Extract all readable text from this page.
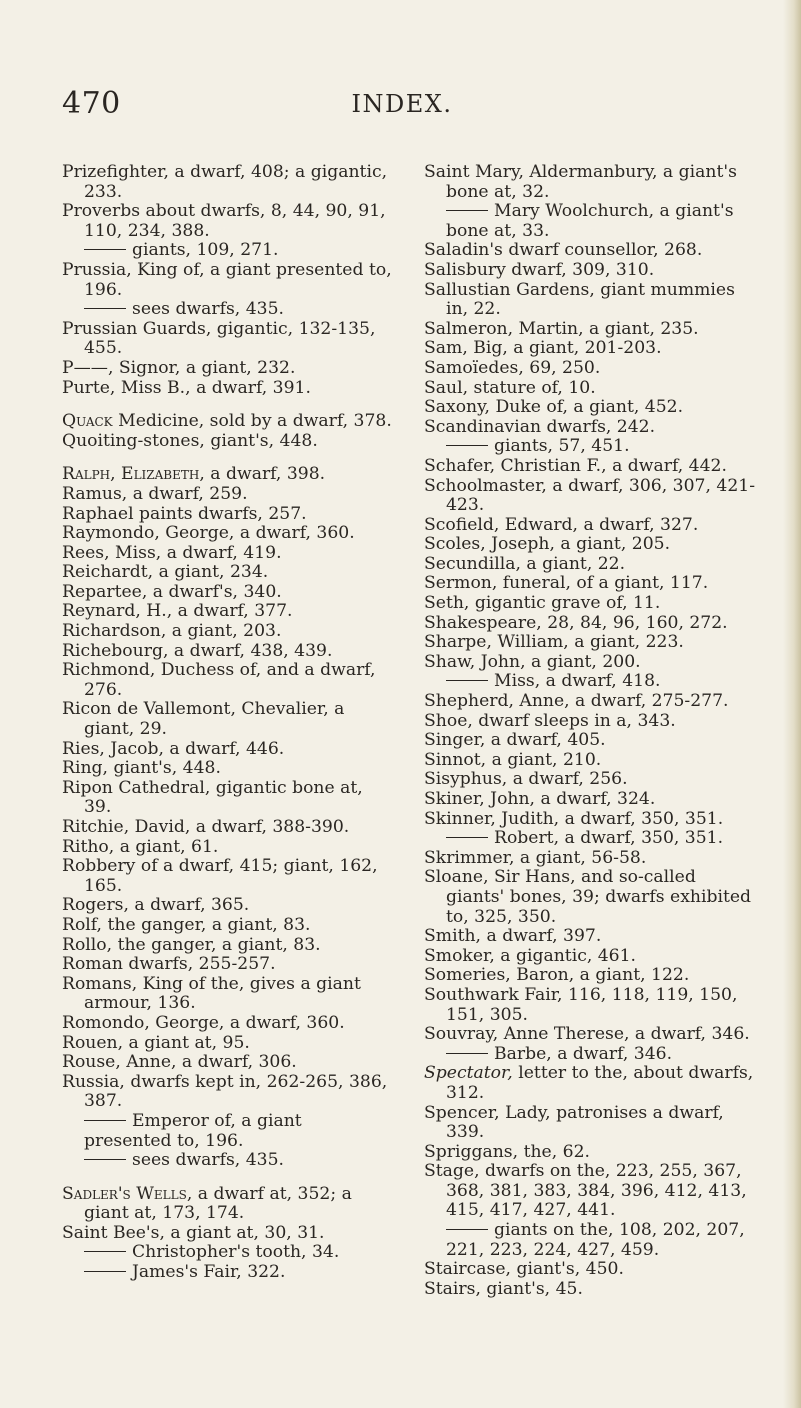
470	INDEX.

Prizefighter, a dwarf, 408; a gigantic, 233.

Proverbs about dwarfs, 8, 44, 90, 91, 110, 234, 388.

giants, 109, 271.

Prussia, King of, a giant presented to, 196.

sees dwarfs, 435.

Prussian Guards, gigantic, 132-135, 455.

P——, Signor, a giant, 232.

Purte, Miss B., a dwarf, 391.

Quack Medicine, sold by a dwarf, 378.

Quoiting-stones, giant's, 448.

Ralph, Elizabeth, a dwarf, 398.

Ramus, a dwarf, 259.

Raphael paints dwarfs, 257.

Raymondo, George, a dwarf, 360.

Rees, Miss, a dwarf, 419.

Reichardt, a giant, 234.

Repartee, a dwarf's, 340.

Reynard, H., a dwarf, 377.

Richardson, a giant, 203.

Richebourg, a dwarf, 438, 439.

Richmond, Duchess of, and a dwarf, 276.

Ricon de Vallemont, Chevalier, a giant, 29.

Ries, Jacob, a dwarf, 446.

Ring, giant's, 448.

Ripon Cathedral, gigantic bone at, 39.

Ritchie, David, a dwarf, 388-390.

Ritho, a giant, 61.

Robbery of a dwarf, 415; giant, 162, 165.

Rogers, a dwarf, 365.

Rolf, the ganger, a giant, 83.

Rollo, the ganger, a giant, 83.

Roman dwarfs, 255-257.

Romans, King of the, gives a giant armour, 136.

Romondo, George, a dwarf, 360.

Rouen, a giant at, 95.

Rouse, Anne, a dwarf, 306.

Russia, dwarfs kept in, 262-265, 386, 387.

Emperor of, a giant presented to, 196.

sees dwarfs, 435.

Sadler's Wells, a dwarf at, 352; a giant at, 173, 174.

Saint Bee's, a giant at, 30, 31.

Christopher's tooth, 34.

James's Fair, 322.

Saint Mary, Aldermanbury, a giant's bone at, 32.

Mary Woolchurch, a giant's bone at, 33.

Saladin's dwarf counsellor, 268.

Salisbury dwarf, 309, 310.

Sallustian Gardens, giant mummies in, 22.

Salmeron, Martin, a giant, 235.

Sam, Big, a giant, 201-203.

Samoïedes, 69, 250.

Saul, stature of, 10.

Saxony, Duke of, a giant, 452.

Scandinavian dwarfs, 242.

giants, 57, 451.

Schafer, Christian F., a dwarf, 442.

Schoolmaster, a dwarf, 306, 307, 421-423.

Scofield, Edward, a dwarf, 327.

Scoles, Joseph, a giant, 205.

Secundilla, a giant, 22.

Sermon, funeral, of a giant, 117.

Seth, gigantic grave of, 11.

Shakespeare, 28, 84, 96, 160, 272.

Sharpe, William, a giant, 223.

Shaw, John, a giant, 200.

Miss, a dwarf, 418.

Shepherd, Anne, a dwarf, 275-277.

Shoe, dwarf sleeps in a, 343.

Singer, a dwarf, 405.

Sinnot, a giant, 210.

Sisyphus, a dwarf, 256.

Skiner, John, a dwarf, 324.

Skinner, Judith, a dwarf, 350, 351.

Robert, a dwarf, 350, 351.

Skrimmer, a giant, 56-58.

Sloane, Sir Hans, and so-called giants' bones, 39; dwarfs exhibited to, 325, 350.

Smith, a dwarf, 397.

Smoker, a gigantic, 461.

Someries, Baron, a giant, 122.

Southwark Fair, 116, 118, 119, 150, 151, 305.

Souvray, Anne Therese, a dwarf, 346.

Barbe, a dwarf, 346.

Spectator, letter to the, about dwarfs, 312.

Spencer, Lady, patronises a dwarf, 339.

Spriggans, the, 62.

Stage, dwarfs on the, 223, 255, 367, 368, 381, 383, 384, 396, 412, 413, 415, 417, 427, 441.

giants on the, 108, 202, 207, 221, 223, 224, 427, 459.

Staircase, giant's, 450.

Stairs, giant's, 45.
